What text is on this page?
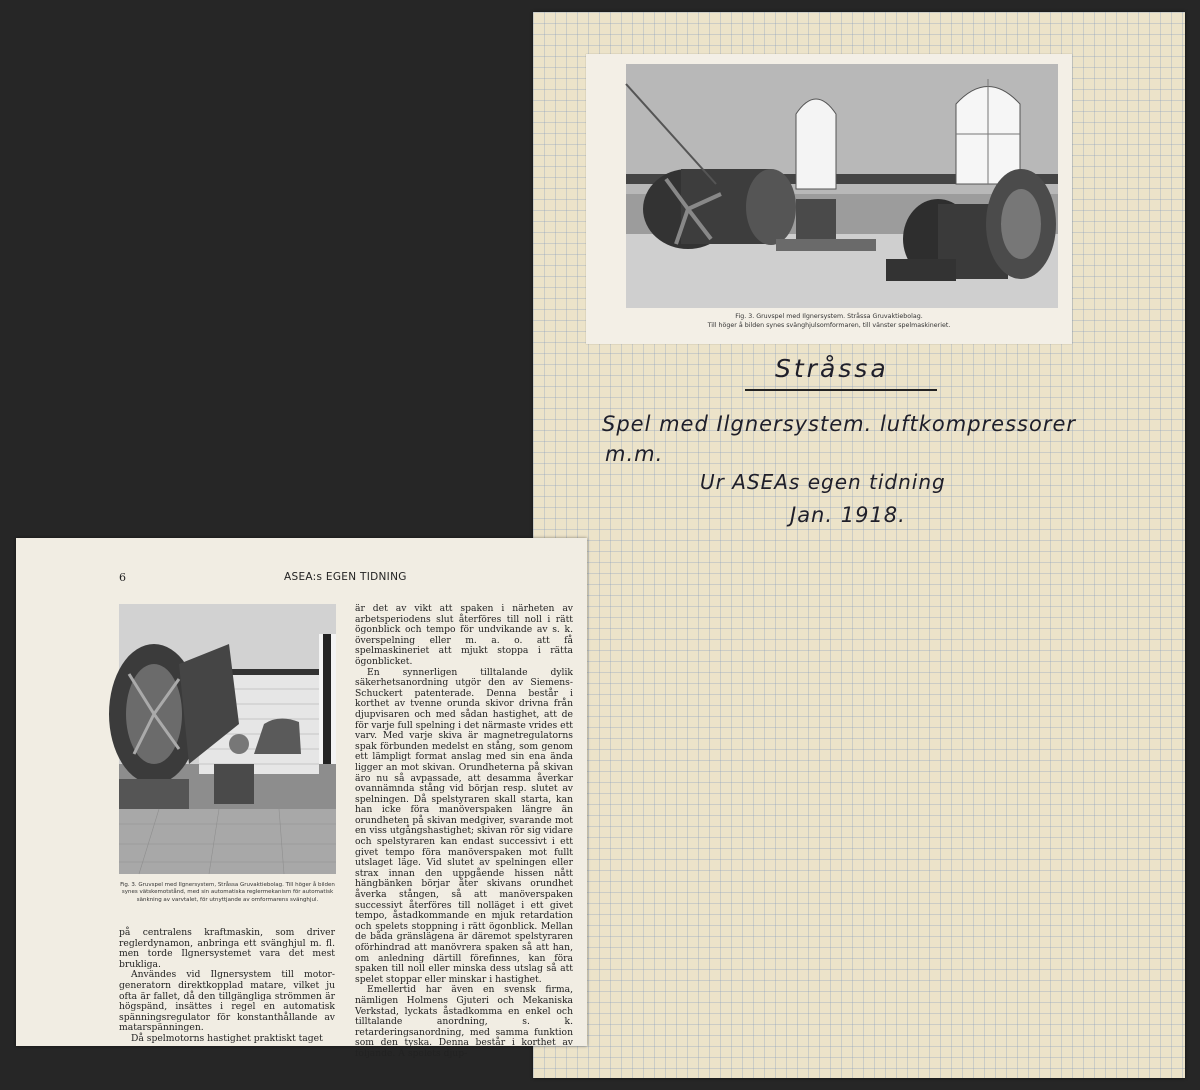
Fig. 3. Gruvspel med Ilgnersystem. Stråssa Gruvaktiebolag.
Till höger å bilden synes svänghjulsomformaren, till vänster spelmaskineriet.
Stråssa
Spel med Ilgnersystem. luftkompressorer
m.m.
Ur ASEAs egen tidning
Jan. 1918.
6	ASEA:s EGEN TIDNING
Fig. 3. Gruvspel med Ilgnersystem, Stråssa Gruvaktiebolag. Till höger å bilden synes vätskemotstånd, med sin automatiska reglermekanism för automatisk sänkning av varvtalet, för utnyttjande av omformarens svänghjul.

på centralens kraftmaskin, som driver reglerdynamon, anbringa ett svänghjul m. fl. men torde Ilgnersystemet vara det mest brukliga.

Användes vid Ilgnersystem till motor-generatorn direktkopplad matare, vilket ju ofta är fallet, då den tillgängliga strömmen är högspänd, insättes i regel en automatisk spänningsregulator för konstanthållande av matarspänningen.

Då spelmotorns hastighet praktiskt taget

är det av vikt att spaken i närheten av arbetsperiodens slut återföres till noll i rätt ögonblick och tempo för undvikande av s. k. överspelning eller m. a. o. att få spelmaskineriet att mjukt stoppa i rätta ögonblicket.

En synnerligen tilltalande dylik säkerhetsanordning utgör den av Siemens-Schuckert patenterade. Denna består i korthet av tvenne orunda skivor drivna från djupvisaren och med sådan hastighet, att de för varje full spelning i det närmaste vrides ett varv. Med varje skiva är magnetregulatorns spak förbunden medelst en stång, som genom ett lämpligt format anslag med sin ena ända ligger an mot skivan. Orundheterna på skivan äro nu så avpassade, att desamma åverkar ovannämnda stång vid början resp. slutet av spelningen. Då spelstyraren skall starta, kan han icke föra manöverspaken längre än orundheten på skivan medgiver, svarande mot en viss utgångshastighet; skivan rör sig vidare och spelstyraren kan endast successivt i ett givet tempo föra manöverspaken mot fullt utslaget läge. Vid slutet av spelningen eller strax innan den uppgående hissen nått hängbänken börjar åter skivans orundhet åverka stången, så att manöverspaken successivt återföres till nolläget i ett givet tempo, åstadkommande en mjuk retardation och spelets stoppning i rätt ögonblick. Mellan de båda gränslägena är däremot spelstyraren oförhindrad att manövrera spaken så att han, om anledning därtill förefinnes, kan föra spaken till noll eller minska dess utslag så att spelet stoppar eller minskar i hastighet.

Emellertid har även en svensk firma, nämligen Holmens Gjuteri och Mekaniska Verkstad, lyckats åstadkomma en enkel och tilltalande anordning, s. k. retarderingsanordning, med samma funktion som den tyska. Denna består i korthet av följande. Å spelets djup-
